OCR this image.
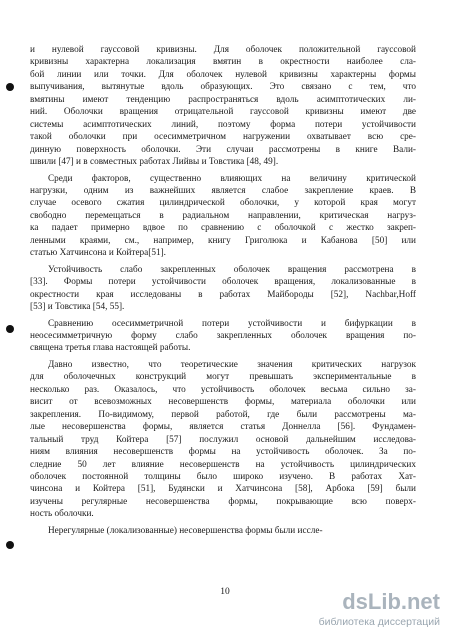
и нулевой гауссовой кривизны. Для оболочек положительной гауссовой
кривизны характерна локализация вмятин в окрестности наиболее сла-
бой линии или точки. Для оболочек нулевой кривизны характерны формы
выпучивания, вытянутые вдоль образующих. Это связано с тем, что
вмятины имеют тенденцию распространяться вдоль асимптотических ли-
ний. Оболочки вращения отрицательной гауссовой кривизны имеют две
системы асимптотических линий, поэтому форма потери устойчивости
такой оболочки при осесимметричном нагружении охватывает всю сре-
динную поверхность оболочки. Эти случаи рассмотрены в книге Вали-
швили [47] и в совместных работах Лийвы и Товстика [48, 49].

Среди факторов, существенно влияющих на величину критической
нагрузки, одним из важнейших является слабое закрепление краев. В
случае осевого сжатия цилиндрической оболочки, у которой края могут
свободно перемещаться в радиальном направлении, критическая нагруз-
ка падает примерно вдвое по сравнению с оболочкой с жестко закреп-
ленными краями, см., например, книгу Григолюка и Кабанова [50] или
статью Хатчинсона и Койтера[51].

Устойчивость слабо закрепленных оболочек вращения рассмотрена в
[33]. Формы потери устойчивости оболочек вращения, локализованные в
окрестности края исследованы в работах Майбороды [52], Nachbar,Hoff
[53] и Товстика [54, 55].

Сравнению осесимметричной потери устойчивости и бифуркации в
неосесимметричную форму слабо закрепленных оболочек вращения по-
священа третья глава настоящей работы.

Давно известно, что теоретические значения критических нагрузок
для оболочечных конструкций могут превышать экспериментальные в
несколько раз. Оказалось, что устойчивость оболочек весьма сильно за-
висит от всевозможных несовершенств формы, материала оболочки или
закрепления. По-видимому, первой работой, где были рассмотрены ма-
лые несовершенства формы, является статья Доннелла [56]. Фундамен-
тальный труд Койтера [57] послужил основой дальнейшим исследова-
ниям влияния несовершенств формы на устойчивость оболочек. За по-
следние 50 лет влияние несовершенств на устойчивость цилиндрических
оболочек постоянной толщины было широко изучено. В работах Хат-
чинсона и Койтера [51], Будянски и Хатчинсона [58], Арбока [59] были
изучены регулярные несовершенства формы, покрывающие всю поверх-
ность оболочки.

Нерегулярные (локализованные) несовершенства формы были иссле-

10	dsLib.net
библиотека диссертаций
